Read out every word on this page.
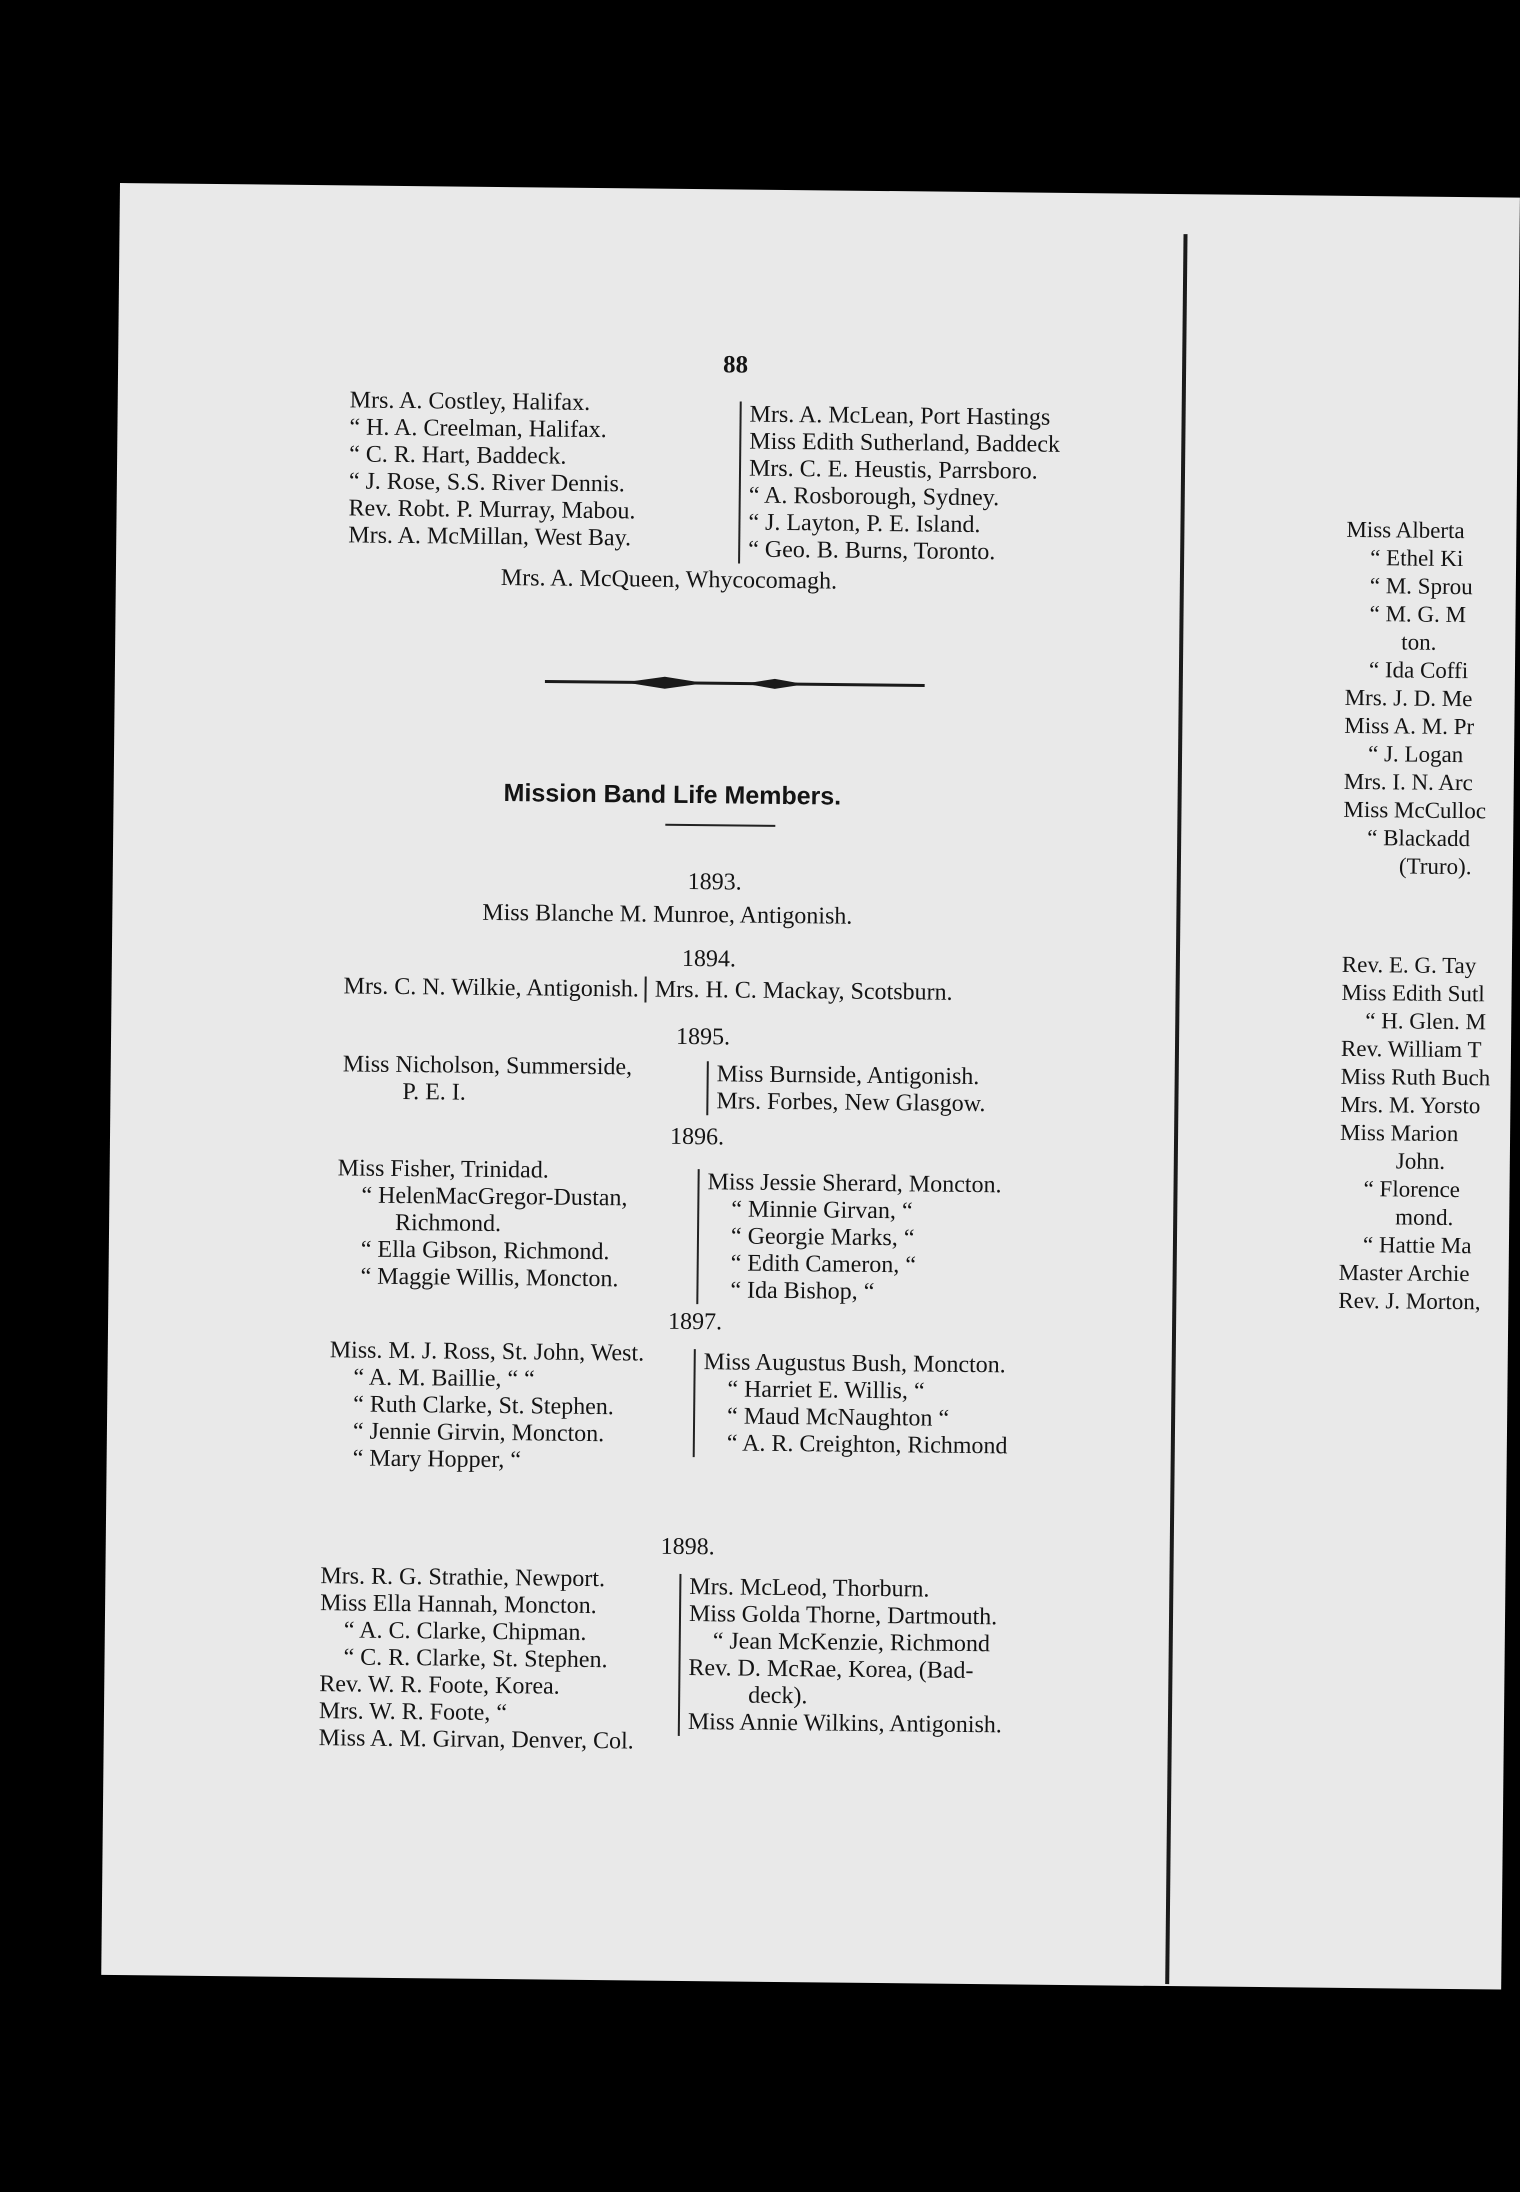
88
Mrs. A. Costley, Halifax.
“ H. A. Creelman, Halifax.
“ C. R. Hart, Baddeck.
“ J. Rose, S.S. River Dennis.
Rev. Robt. P. Murray, Mabou.
Mrs. A. McMillan, West Bay.
Mrs. A. McLean, Port Hastings
Miss Edith Sutherland, Baddeck
Mrs. C. E. Heustis, Parrsboro.
“ A. Rosborough, Sydney.
“ J. Layton, P. E. Island.
“ Geo. B. Burns, Toronto.
Mrs. A. McQueen, Whycocomagh.
Mission Band Life Members.
1893.
Miss Blanche M. Munroe, Antigonish.
1894.
Mrs. C. N. Wilkie, Antigonish. Mrs. H. C. Mackay, Scotsburn.
1895.
Miss Nicholson, Summerside,
P. E. I.
Miss Burnside, Antigonish.
Mrs. Forbes, New Glasgow.
1896.
Miss Fisher, Trinidad.
“ HelenMacGregor-Dustan,
Richmond.
“ Ella Gibson, Richmond.
“ Maggie Willis, Moncton.
Miss Jessie Sherard, Moncton.
“ Minnie Girvan, “
“ Georgie Marks, “
“ Edith Cameron, “
“ Ida Bishop, “
1897.
Miss. M. J. Ross, St. John, West.
“ A. M. Baillie, “ “
“ Ruth Clarke, St. Stephen.
“ Jennie Girvin, Moncton.
“ Mary Hopper, “
Miss Augustus Bush, Moncton.
“ Harriet E. Willis, “
“ Maud McNaughton “
“ A. R. Creighton, Richmond
1898.
Mrs. R. G. Strathie, Newport.
Miss Ella Hannah, Moncton.
“ A. C. Clarke, Chipman.
“ C. R. Clarke, St. Stephen.
Rev. W. R. Foote, Korea.
Mrs. W. R. Foote, “
Miss A. M. Girvan, Denver, Col.
Mrs. McLeod, Thorburn.
Miss Golda Thorne, Dartmouth.
“ Jean McKenzie, Richmond
Rev. D. McRae, Korea, (Bad-
deck).
Miss Annie Wilkins, Antigonish.
Miss Alberta
“ Ethel Ki
“ M. Sprou
“ M. G. M
ton.
“ Ida Coffi
Mrs. J. D. Me
Miss A. M. Pr
“ J. Logan
Mrs. I. N. Arc
Miss McCulloc
“ Blackadd
(Truro).
Rev. E. G. Tay
Miss Edith Sutl
“ H. Glen. M
Rev. William T
Miss Ruth Buch
Mrs. M. Yorsto
Miss Marion
John.
“ Florence
mond.
“ Hattie Ma
Master Archie
Rev. J. Morton,
